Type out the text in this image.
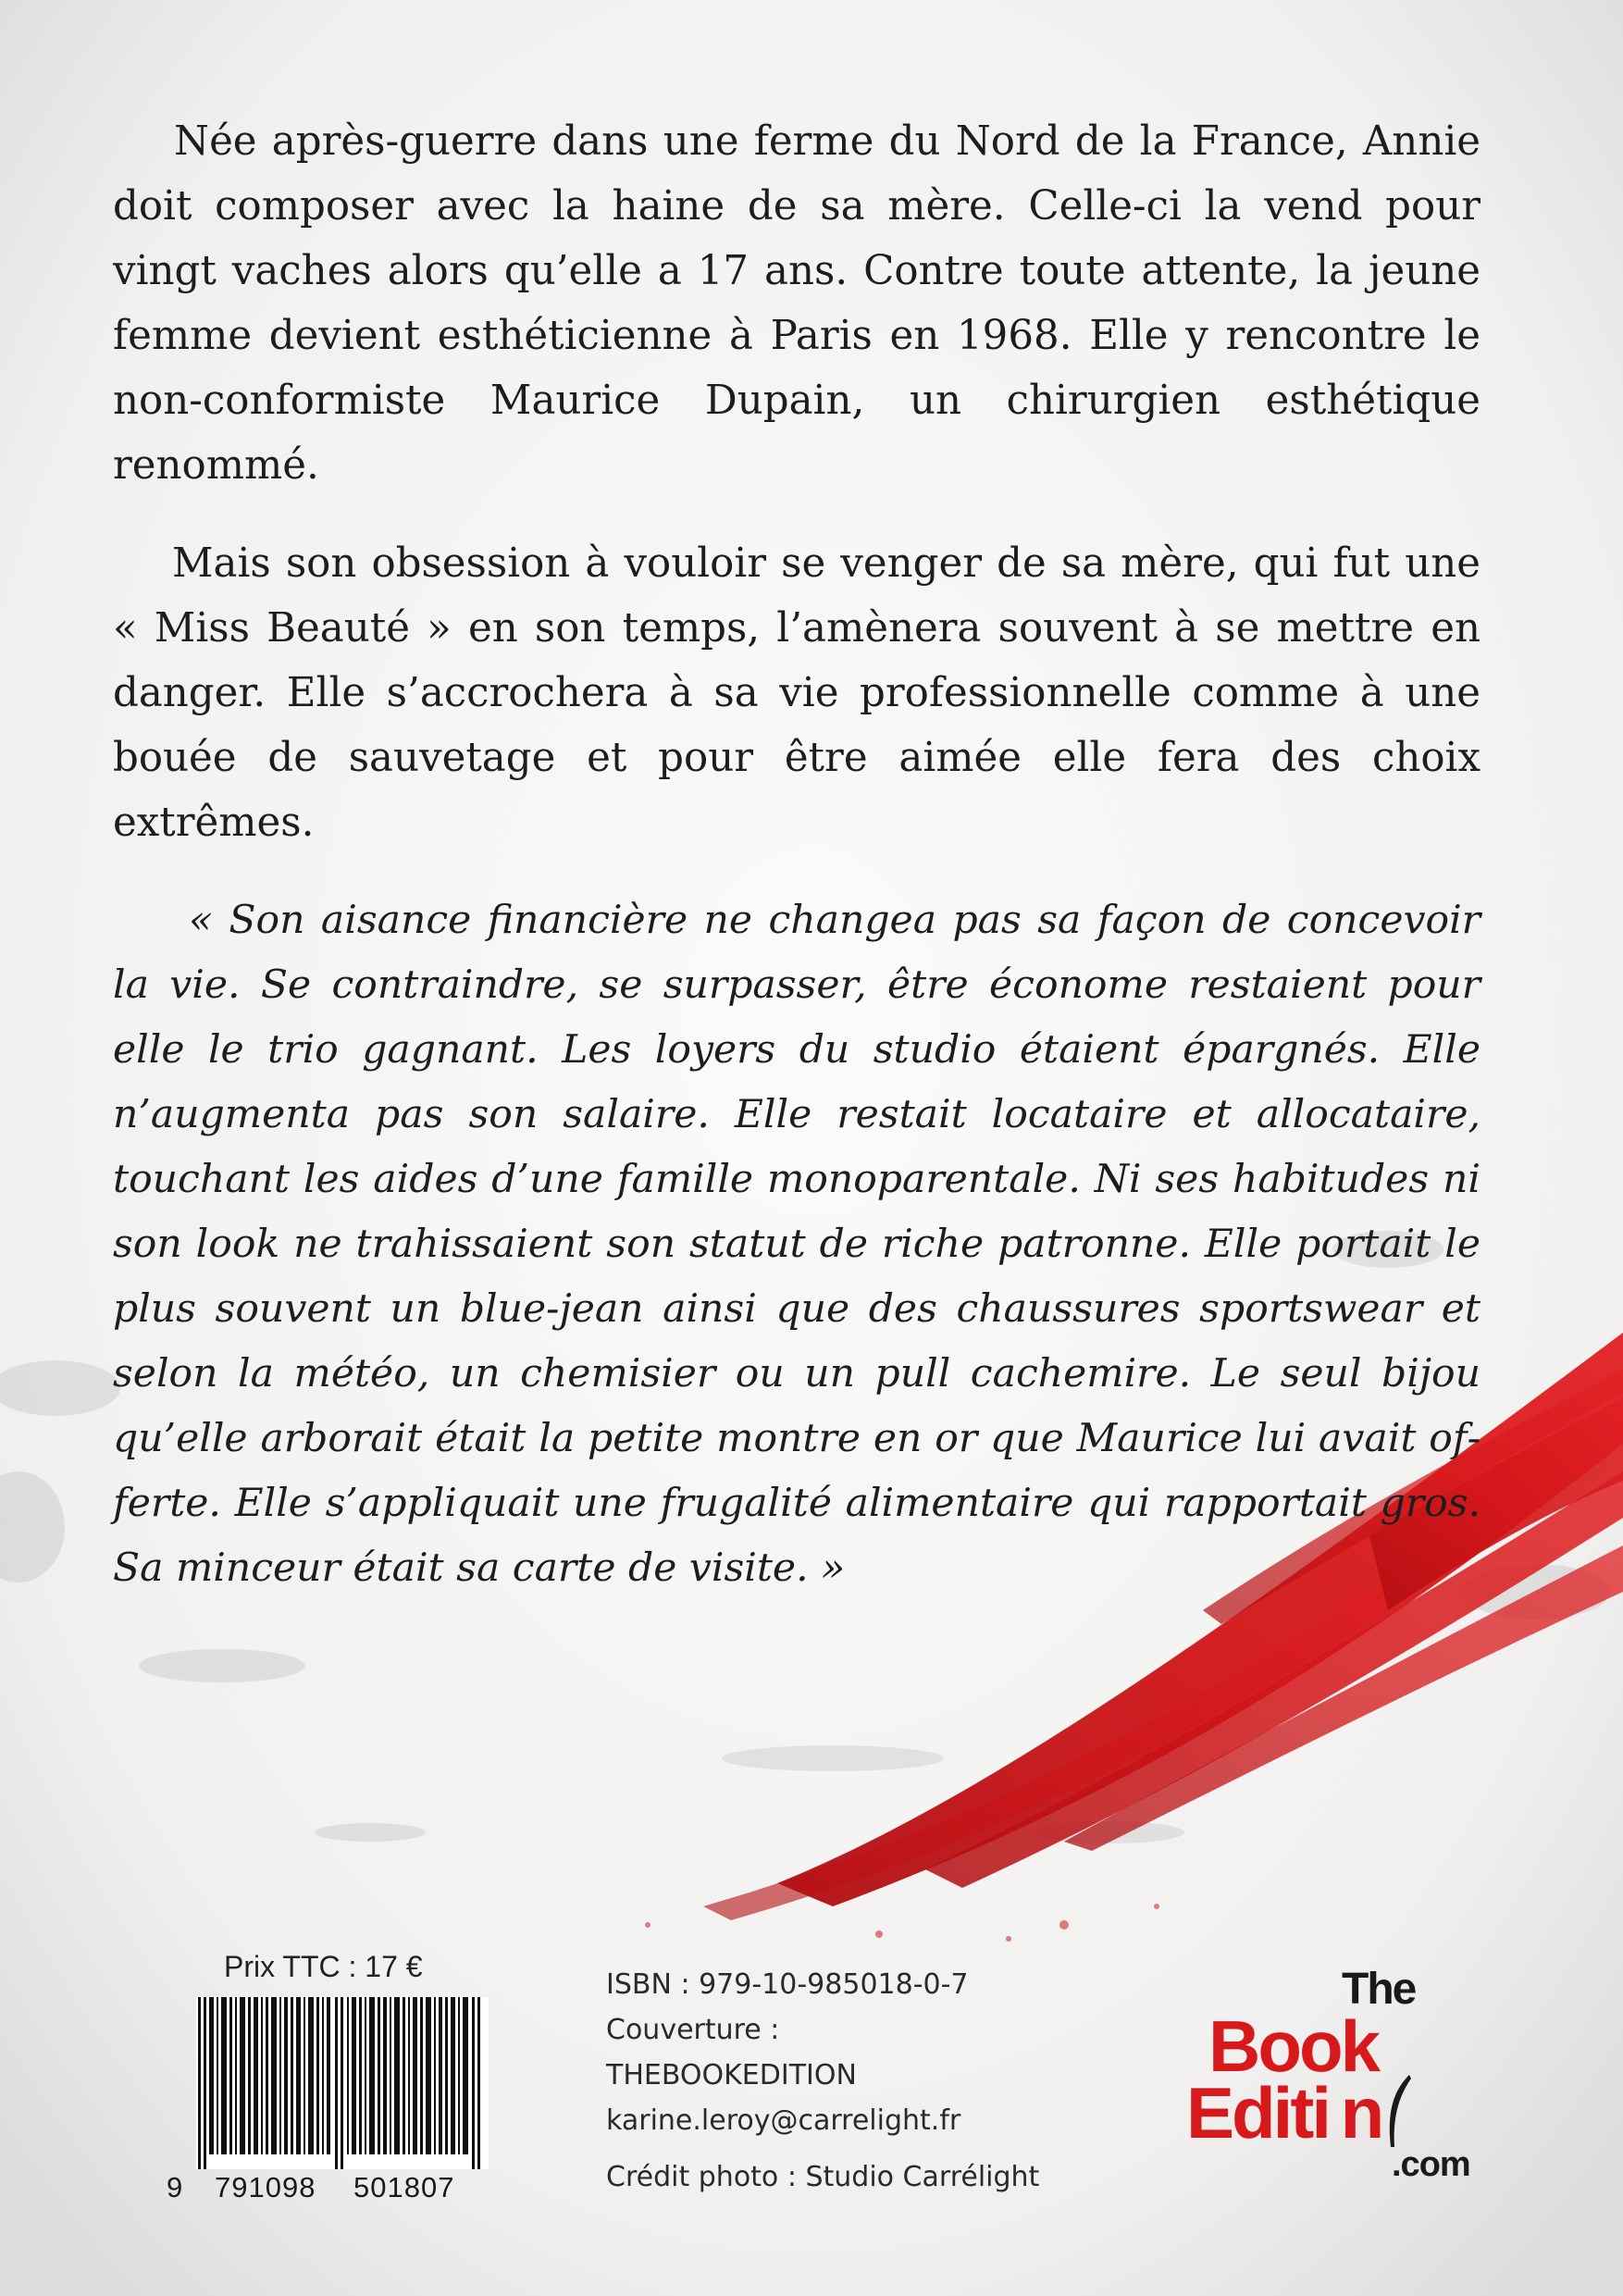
Née après-guerre dans une ferme du Nord de la France, Annie doit composer avec la haine de sa mère. Celle-ci la vend pour vingt vaches alors qu’elle a 17 ans. Contre toute attente, la jeune femme devient esthéticienne à Paris en 1968. Elle y rencontre le non-conformiste Maurice Dupain, un chirurgien esthétique renommé.

Mais son obsession à vouloir se venger de sa mère, qui fut une « Miss Beauté » en son temps, l’amènera souvent à se mettre en danger. Elle s’accrochera à sa vie professionnelle comme à une bouée de sauvetage et pour être aimée elle fera des choix extrêmes.

« Son aisance financière ne changea pas sa façon de concevoir la vie. Se contraindre, se surpasser, être économe restaient pour elle le trio gagnant. Les loyers du studio étaient épargnés. Elle n’augmenta pas son salaire. Elle restait locataire et allocataire, touchant les aides d’une famille monoparentale. Ni ses habitudes ni son look ne trahissaient son statut de riche patronne. Elle portait le plus souvent un blue-jean ainsi que des chaussures sportswear et selon la météo, un chemisier ou un pull cachemire. Le seul bijou qu’elle arborait était la petite montre en or que Maurice lui avait offerte. Elle s’appliquait une frugalité alimentaire qui rapportait gros. Sa minceur était sa carte de visite. »

Prix TTC : 17 €
9 791098 501807
ISBN : 979-10-985018-0-7
Couverture :
THEBOOKEDITION
karine.leroy@carrelight.fr
Crédit photo : Studio Carrélight
The
Book
Editi n
.com
